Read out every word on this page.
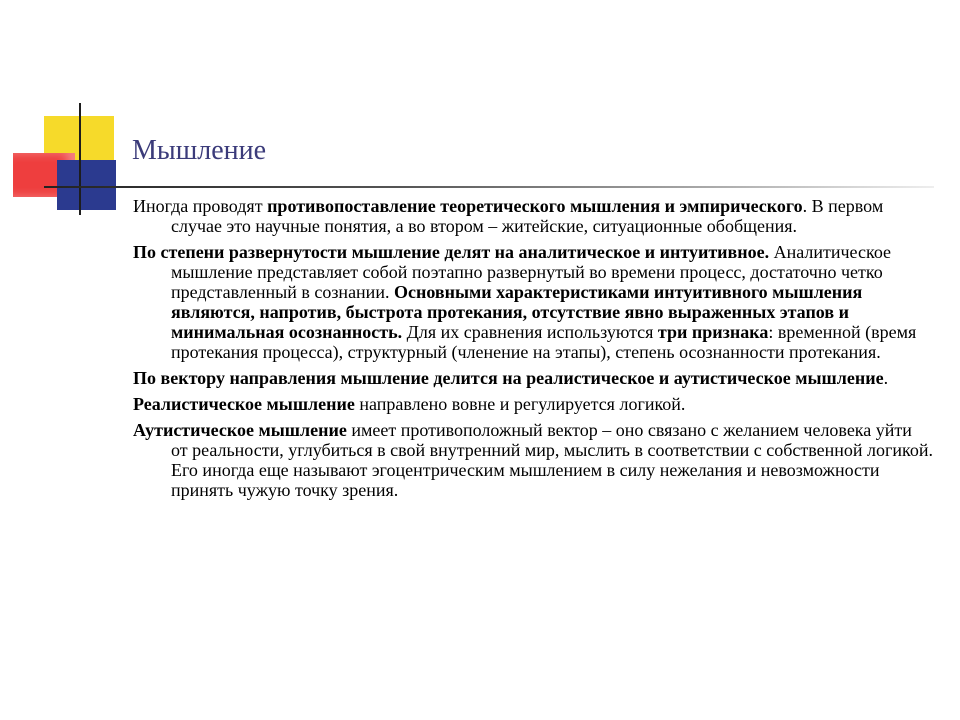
Мышление

Иногда проводят противопоставление теоретического мышления и эмпирического. В первом случае это научные понятия, а во втором – житейские, ситуационные обобщения.

По степени развернутости мышление делят на аналитическое и интуитивное. Аналитическое мышление представляет собой поэтапно развернутый во времени процесс, достаточно четко представленный в сознании. Основными характеристиками интуитивного мышления являются, напротив, быстрота протекания, отсутствие явно выраженных этапов и минимальная осознанность. Для их сравнения используются три признака: временной (время протекания процесса), структурный (членение на этапы), степень осознанности протекания.

По вектору направления мышление делится на реалистическое и аутистическое мышление.

Реалистическое мышление направлено вовне и регулируется логикой.

Аутистическое мышление имеет противоположный вектор – оно связано с желанием человека уйти от реальности, углубиться в свой внутренний мир, мыслить в соответствии с собственной логикой. Его иногда еще называют эгоцентрическим мышлением в силу нежелания и невозможности принять чужую точку зрения.
